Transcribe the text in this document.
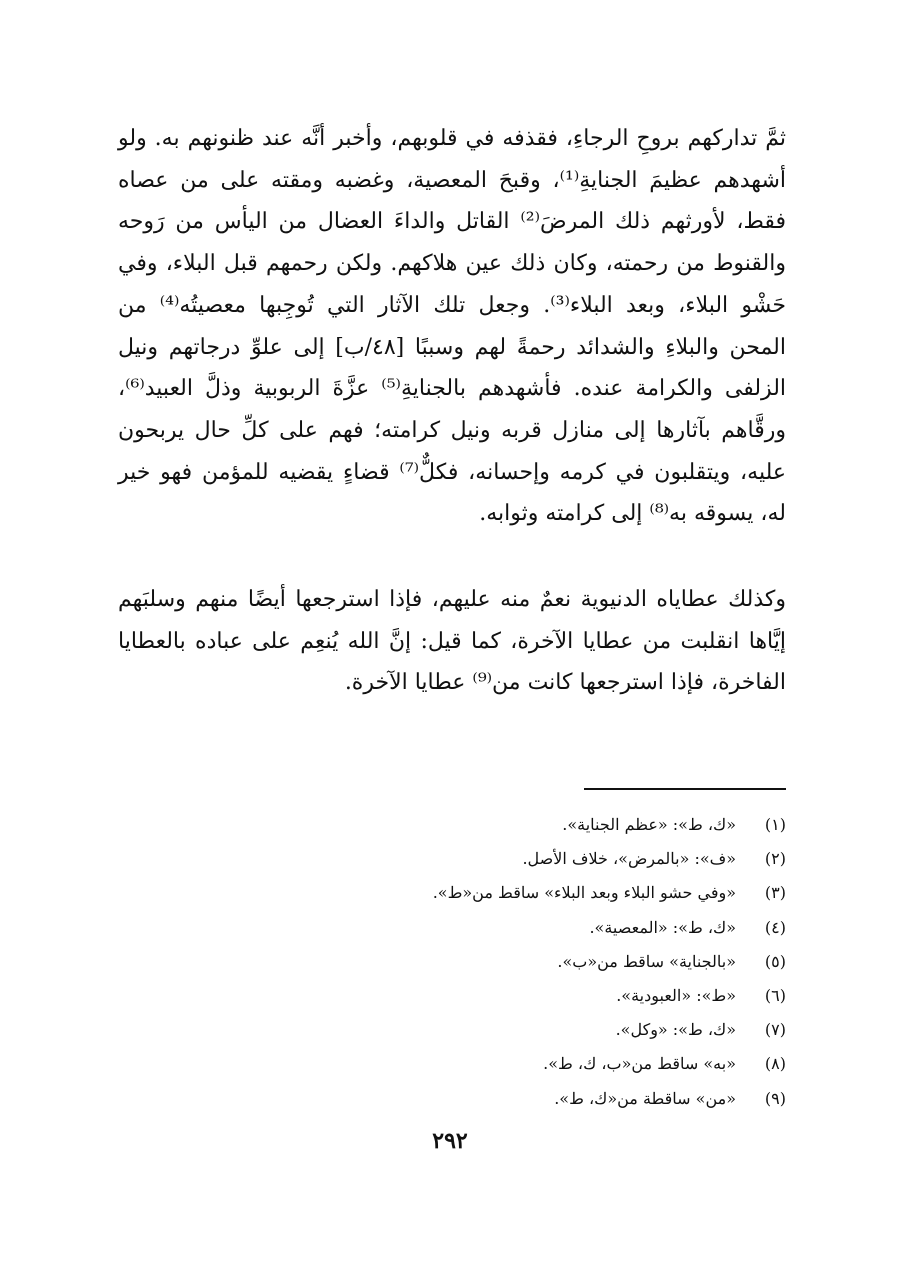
ثمَّ تداركهم بروحِ الرجاءِ، فقذفه في قلوبهم، وأخبر أنَّه عند ظنونهم به. ولو أشهدهم عظيمَ الجنايةِ⁽¹⁾، وقبحَ المعصية، وغضبه ومقته على من عصاه فقط، لأورثهم ذلك المرضَ⁽²⁾ القاتل والداءَ العضال من اليأس من رَوحه والقنوط من رحمته، وكان ذلك عين هلاكهم. ولكن رحمهم قبل البلاء، وفي حَشْو البلاء، وبعد البلاء⁽³⁾. وجعل تلك الآثار التي تُوجِبها معصيتُه⁽⁴⁾ من المحن والبلاءِ والشدائد رحمةً لهم وسببًا [٤٨/ب] إلى علوِّ درجاتهم ونيل الزلفى والكرامة عنده. فأشهدهم بالجنايةِ⁽⁵⁾ عزَّةَ الربوبية وذلَّ العبيد⁽⁶⁾، ورقَّاهم بآثارها إلى منازل قربه ونيل كرامته؛ فهم على كلِّ حال يربحون عليه، ويتقلبون في كرمه وإحسانه، فكلٌّ⁽⁷⁾ قضاءٍ يقضيه للمؤمن فهو خير له، يسوقه به⁽⁸⁾ إلى كرامته وثوابه.

وكذلك عطاياه الدنيوية نعمٌ منه عليهم، فإذا استرجعها أيضًا منهم وسلبَهم إيَّاها انقلبت من عطايا الآخرة، كما قيل: إنَّ الله يُنعِم على عباده بالعطايا الفاخرة، فإذا استرجعها كانت من⁽⁹⁾ عطايا الآخرة.

(١)
«ك، ط»: «عظم الجناية».
(٢)
«ف»: «بالمرض»، خلاف الأصل.
(٣)
«وفي حشو البلاء وبعد البلاء» ساقط من«ط».
(٤)
«ك، ط»: «المعصية».
(٥)
«بالجناية» ساقط من«ب».
(٦)
«ط»: «العبودية».
(٧)
«ك، ط»: «وكل».
(٨)
«به» ساقط من«ب، ك، ط».
(٩)
«من» ساقطة من«ك، ط».
٢٩٢
